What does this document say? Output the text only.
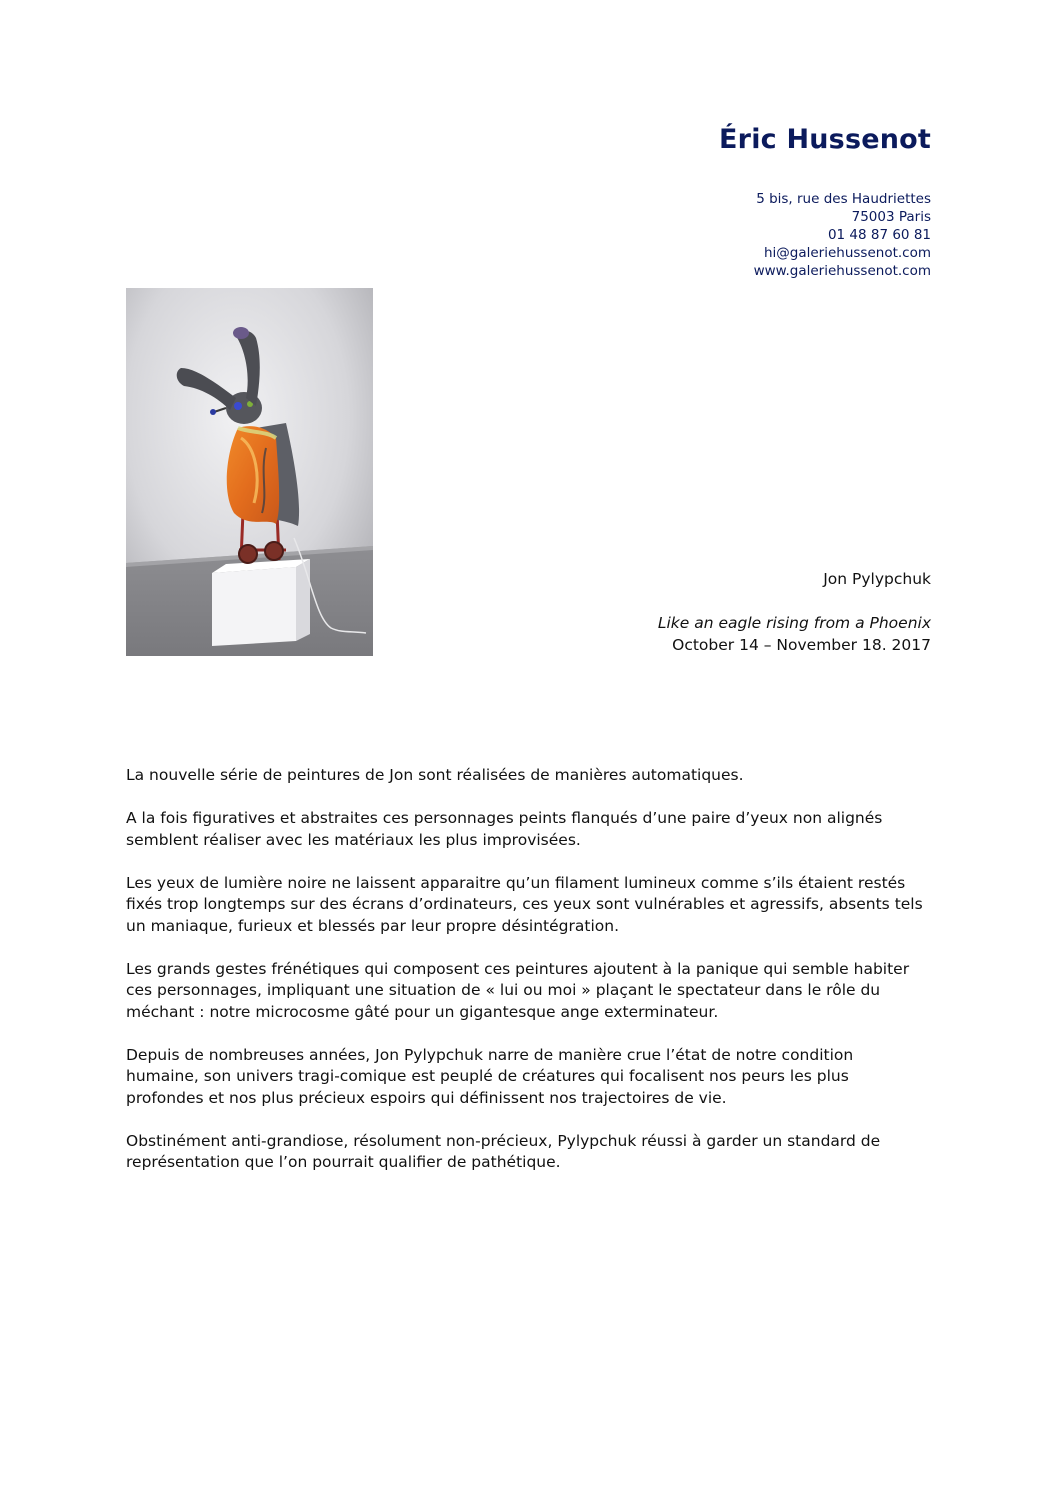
Éric Hussenot
5 bis, rue des Haudriettes
75003 Paris
01 48 87 60 81
hi@galeriehussenot.com
www.galeriehussenot.com
Jon Pylypchuk
Like an eagle rising from a Phoenix
October 14 – November 18. 2017

La nouvelle série de peintures de Jon sont réalisées de manières automatiques.

A la fois figuratives et abstraites ces personnages peints flanqués d’une paire d’yeux non alignés semblent réaliser avec les matériaux les plus improvisées.

Les yeux de lumière noire ne laissent apparaitre qu’un filament lumineux comme s’ils étaient restés fixés trop longtemps sur des écrans d’ordinateurs, ces yeux sont vulnérables et agressifs, absents tels un maniaque, furieux et blessés par leur propre désintégration.

Les grands gestes frénétiques qui composent ces peintures ajoutent à la panique qui semble habiter ces personnages, impliquant une situation de « lui ou moi » plaçant le spectateur dans le rôle du méchant : notre microcosme gâté pour un gigantesque ange exterminateur.

Depuis de nombreuses années, Jon Pylypchuk narre de manière crue l’état de notre condition humaine, son univers tragi-comique est peuplé de créatures qui focalisent nos peurs les plus profondes et nos plus précieux espoirs qui définissent nos trajectoires de vie.

Obstinément anti-grandiose, résolument non-précieux, Pylypchuk réussi à garder un standard de représentation que l’on pourrait qualifier de pathétique.
